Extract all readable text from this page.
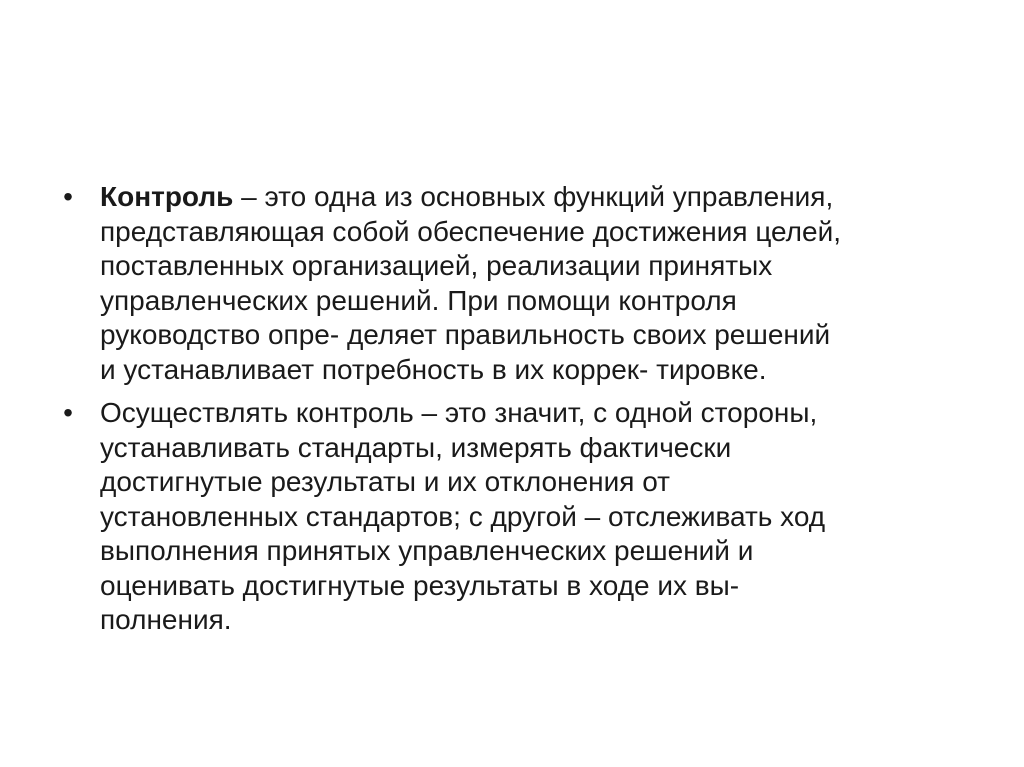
• Контроль – это одна из основных функций управления,
представляющая собой обеспечение достижения целей,
поставленных организацией, реализации принятых
управленческих решений. При помощи контроля
руководство опре- деляет правильность своих решений
и устанавливает потребность в их коррек- тировке.
• Осуществлять контроль – это значит, с одной стороны,
устанавливать стандарты, измерять фактически
достигнутые результаты и их отклонения от
установленных стандартов; с другой – отслеживать ход
выполнения принятых управленческих решений и
оценивать достигнутые результаты в ходе их вы-
полнения.
